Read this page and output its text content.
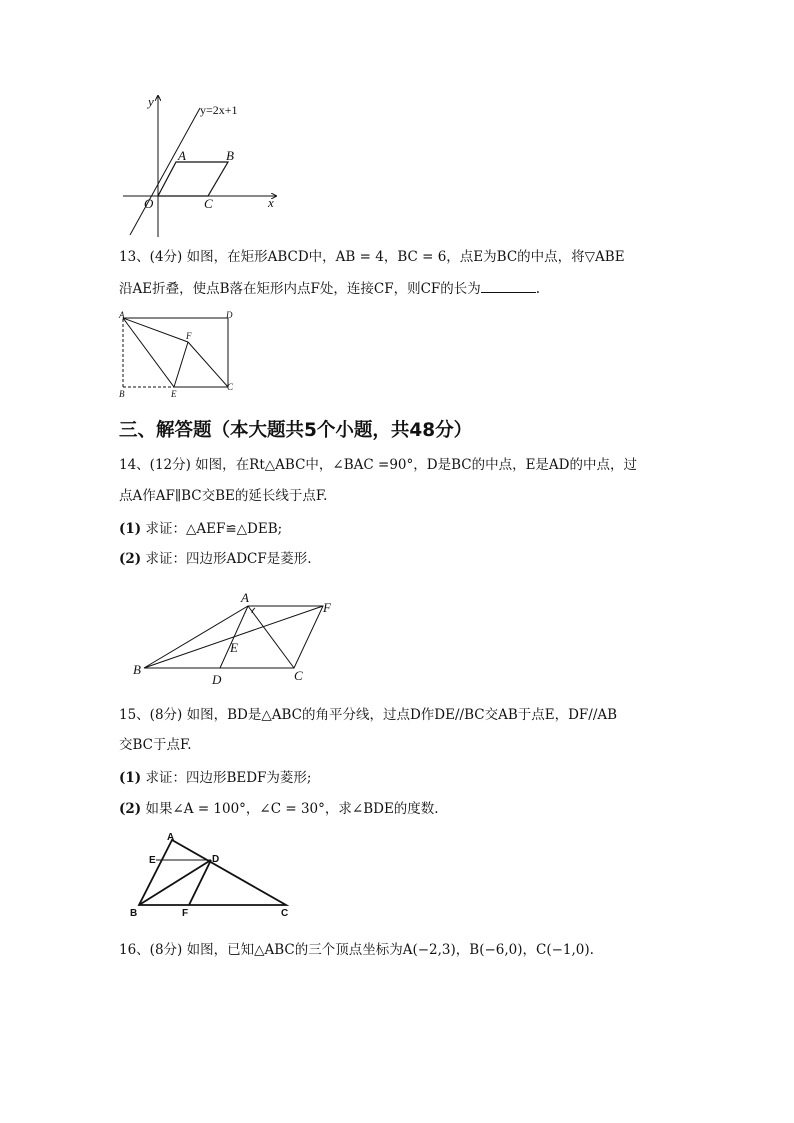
y
x
O
y=2x+1
A	B
C
13、(4分) 如图，在矩形ABCD中，AB = 4，BC = 6，点E为BC的中点，将▽ABE
沿AE折叠，使点B落在矩形内点F处，连接CF，则CF的长为	.
A	D
F
B	E
C
三、解答题（本大题共5个小题，共48分）
14、(12分) 如图，在Rt△ABC中，∠BAC =90°，D是BC的中点，E是AD的中点，过
点A作AF∥BC交BE的延长线于点F.
(1) 求证：△AEF≌△DEB;
(2) 求证：四边形ADCF是菱形.
A
F
E
B
D	C
15、(8分) 如图，BD是△ABC的角平分线，过点D作DE//BC交AB于点E，DF//AB
交BC于点F.
(1) 求证：四边形BEDF为菱形;
(2) 如果∠A = 100°，∠C = 30°，求∠BDE的度数.
A
E	D
B	F	C
16、(8分) 如图，已知△ABC的三个顶点坐标为A(−2,3)，B(−6,0)，C(−1,0).
